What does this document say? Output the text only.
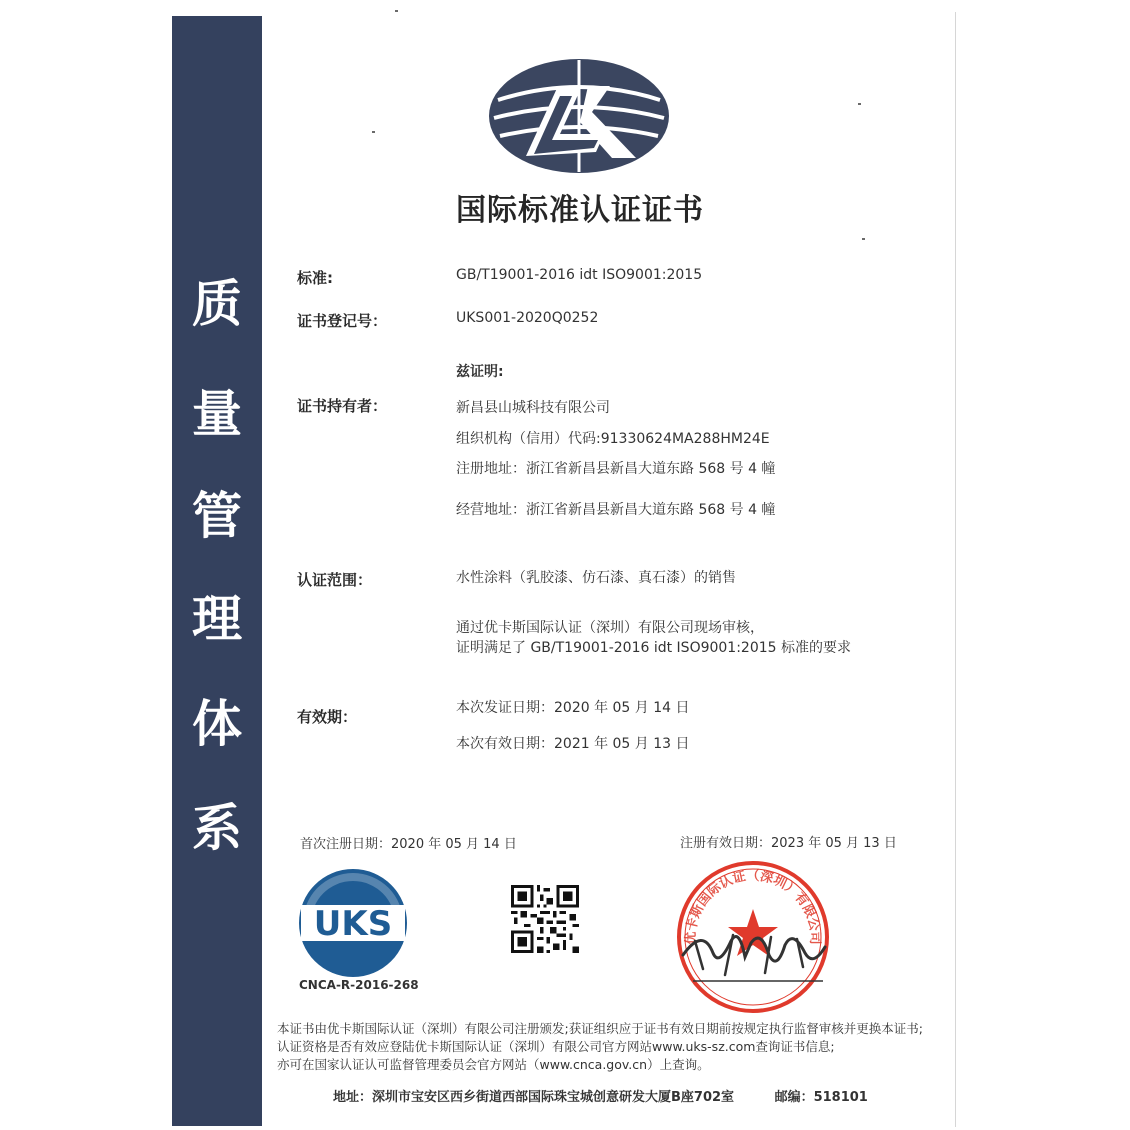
质
量
管
理
体
系
国际标准认证证书
标准:	GB/T19001-2016 idt ISO9001:2015
证书登记号：	UKS001-2020Q0252
兹证明:
证书持有者：	新昌县山城科技有限公司
组织机构（信用）代码:91330624MA288HM24E
注册地址：浙江省新昌县新昌大道东路 568 号 4 幢
经营地址：浙江省新昌县新昌大道东路 568 号 4 幢
认证范围：	水性涂料（乳胶漆、仿石漆、真石漆）的销售
通过优卡斯国际认证（深圳）有限公司现场审核，
证明满足了 GB/T19001-2016 idt ISO9001:2015 标准的要求
有效期：	本次发证日期：2020 年 05 月 14 日
本次有效日期：2021 年 05 月 13 日
首次注册日期：2020 年 05 月 14 日	注册有效日期：2023 年 05 月 13 日
UKS
CNCA-R-2016-268
优卡斯国际认证（深圳）有限公司
本证书由优卡斯国际认证（深圳）有限公司注册颁发;获证组织应于证书有效日期前按规定执行监督审核并更换本证书;
认证资格是否有效应登陆优卡斯国际认证（深圳）有限公司官方网站www.uks-sz.com查询证书信息;
亦可在国家认证认可监督管理委员会官方网站（www.cnca.gov.cn）上查询。
地址：深圳市宝安区西乡街道西部国际珠宝城创意研发大厦B座702室	邮编：518101
